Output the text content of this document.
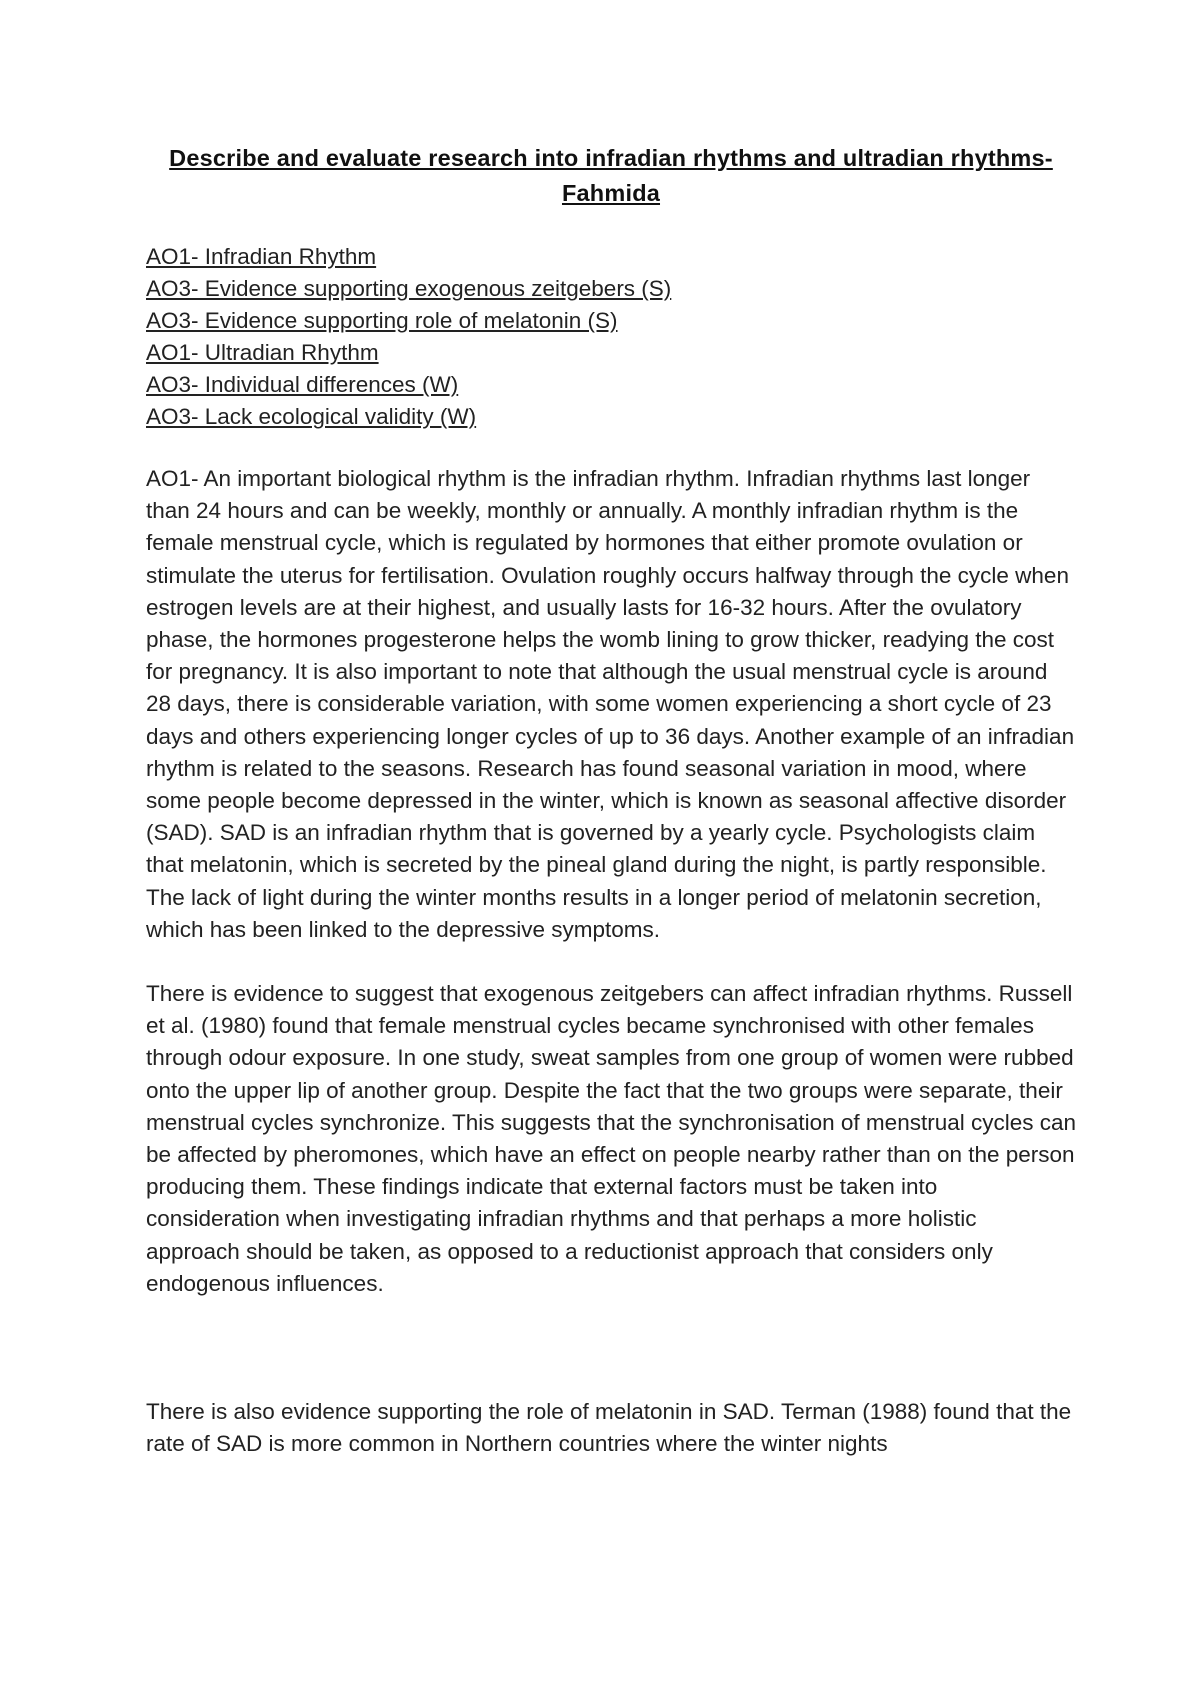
Describe and evaluate research into infradian rhythms and ultradian rhythms- Fahmida
AO1- Infradian Rhythm
AO3- Evidence supporting exogenous zeitgebers (S)
AO3- Evidence supporting role of melatonin (S)
AO1- Ultradian Rhythm
AO3- Individual differences (W)
AO3- Lack ecological validity (W)

AO1- An important biological rhythm is the infradian rhythm. Infradian rhythms last longer than 24 hours and can be weekly, monthly or annually. A monthly infradian rhythm is the female menstrual cycle, which is regulated by hormones that either promote ovulation or stimulate the uterus for fertilisation. Ovulation roughly occurs halfway through the cycle when estrogen levels are at their highest, and usually lasts for 16-32 hours. After the ovulatory phase, the hormones progesterone helps the womb lining to grow thicker, readying the cost for pregnancy. It is also important to note that although the usual menstrual cycle is around 28 days, there is considerable variation, with some women experiencing a short cycle of 23 days and others experiencing longer cycles of up to 36 days. Another example of an infradian rhythm is related to the seasons. Research has found seasonal variation in mood, where some people become depressed in the winter, which is known as seasonal affective disorder (SAD). SAD is an infradian rhythm that is governed by a yearly cycle. Psychologists claim that melatonin, which is secreted by the pineal gland during the night, is partly responsible. The lack of light during the winter months results in a longer period of melatonin secretion, which has been linked to the depressive symptoms.

There is evidence to suggest that exogenous zeitgebers can affect infradian rhythms. Russell et al. (1980) found that female menstrual cycles became synchronised with other females through odour exposure. In one study, sweat samples from one group of women were rubbed onto the upper lip of another group. Despite the fact that the two groups were separate, their menstrual cycles synchronize. This suggests that the synchronisation of menstrual cycles can be affected by pheromones, which have an effect on people nearby rather than on the person producing them. These findings indicate that external factors must be taken into consideration when investigating infradian rhythms and that perhaps a more holistic approach should be taken, as opposed to a reductionist approach that considers only endogenous influences.

There is also evidence supporting the role of melatonin in SAD. Terman (1988) found that the rate of SAD is more common in Northern countries where the winter nights
